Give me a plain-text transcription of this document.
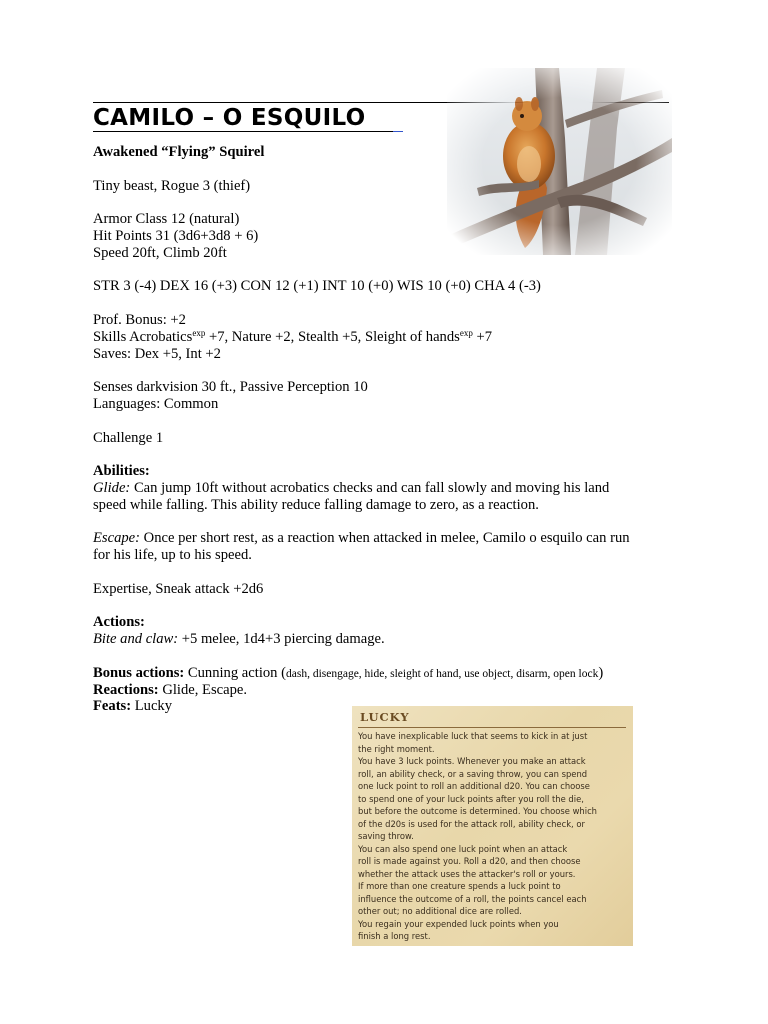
CAMILO – O ESQUILO
Awakened “Flying” Squirel
Tiny beast, Rogue 3 (thief)
Armor Class 12 (natural)
Hit Points 31 (3d6+3d8 + 6)
Speed 20ft, Climb 20ft
STR 3 (-4) DEX 16 (+3) CON 12 (+1) INT 10 (+0) WIS 10 (+0) CHA 4 (-3)
Prof. Bonus: +2
Skills Acrobatics$^{exp}$ +7, Nature +2, Stealth +5, Sleight of hands$^{exp}$ +7
Saves: Dex +5, Int +2
Senses darkvision 30 ft., Passive Perception 10
Languages: Common
Challenge 1
Abilities:
Glide: Can jump 10ft without acrobatics checks and can fall slowly and moving his land
speed while falling. This ability reduce falling damage to zero, as a reaction.
Escape: Once per short rest, as a reaction when attacked in melee, Camilo o esquilo can run
for his life, up to his speed.
Expertise, Sneak attack +2d6
Actions:
Bite and claw: +5 melee, 1d4+3 piercing damage.
Bonus actions: Cunning action (dash, disengage, hide, sleight of hand, use object, disarm, open lock)
Reactions: Glide, Escape.
Feats: Lucky
LUCKY
You have inexplicable luck that seems to kick in at just
the right moment.
You have 3 luck points. Whenever you make an attack
roll, an ability check, or a saving throw, you can spend
one luck point to roll an additional d20. You can choose
to spend one of your luck points after you roll the die,
but before the outcome is determined. You choose which
of the d20s is used for the attack roll, ability check, or
saving throw.
You can also spend one luck point when an attack
roll is made against you. Roll a d20, and then choose
whether the attack uses the attacker's roll or yours.
If more than one creature spends a luck point to
influence the outcome of a roll, the points cancel each
other out; no additional dice are rolled.
You regain your expended luck points when you
finish a long rest.
